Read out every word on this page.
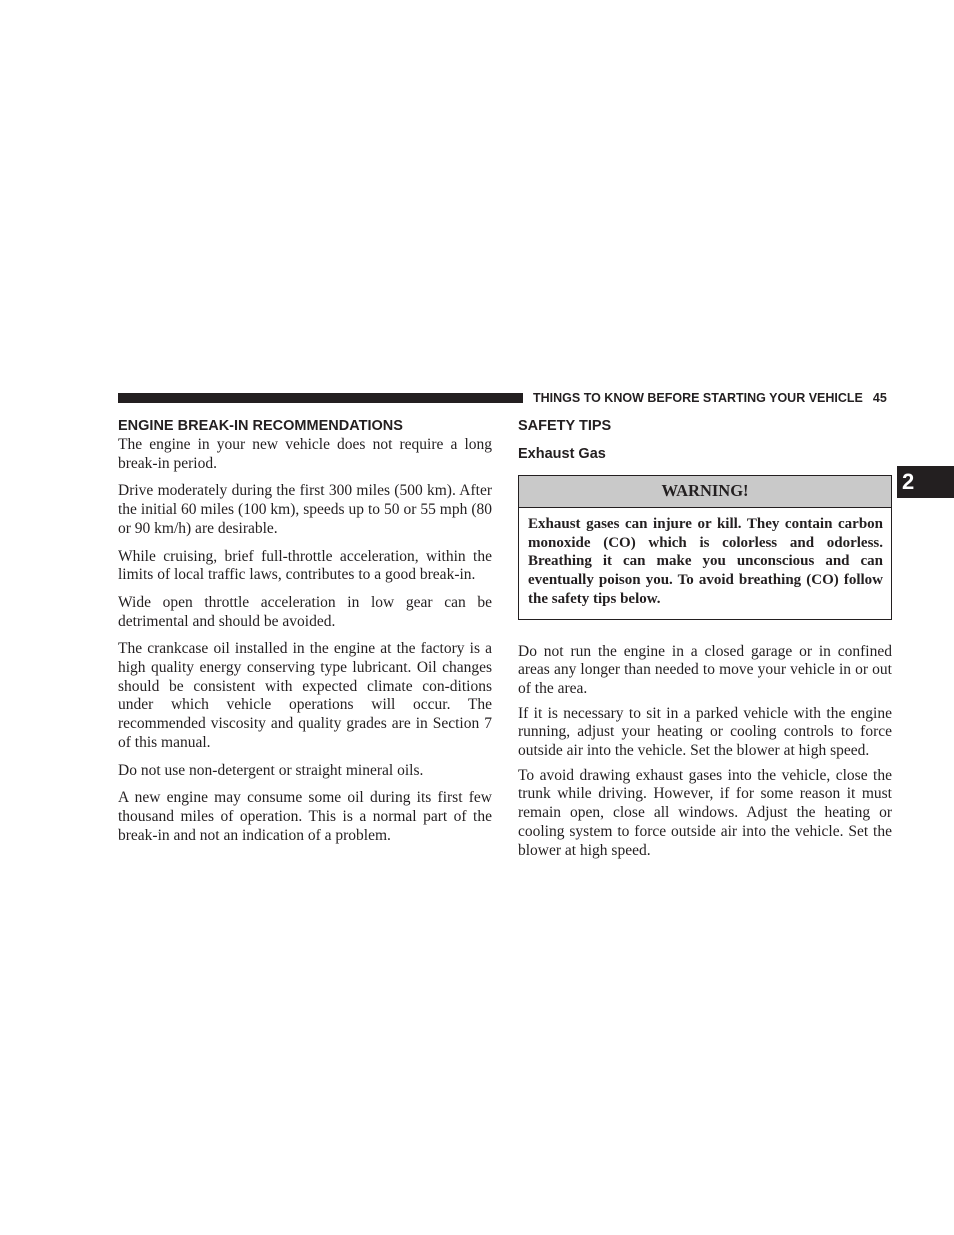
THINGS TO KNOW BEFORE STARTING YOUR VEHICLE 45
2
ENGINE BREAK-IN RECOMMENDATIONS

The engine in your new vehicle does not require a long break-in period.

Drive moderately during the first 300 miles (500 km). After the initial 60 miles (100 km), speeds up to 50 or 55 mph (80 or 90 km/h) are desirable.

While cruising, brief full-throttle acceleration, within the limits of local traffic laws, contributes to a good break-in.

Wide open throttle acceleration in low gear can be detrimental and should be avoided.

The crankcase oil installed in the engine at the factory is a high quality energy conserving type lubricant. Oil changes should be consistent with expected climate con-ditions under which vehicle operations will occur. The recommended viscosity and quality grades are in Section 7 of this manual.

Do not use non-detergent or straight mineral oils.

A new engine may consume some oil during its first few thousand miles of operation. This is a normal part of the break-in and not an indication of a problem.

SAFETY TIPS
Exhaust Gas
WARNING!
Exhaust gases can injure or kill. They contain carbon monoxide (CO) which is colorless and odorless. Breathing it can make you unconscious and can eventually poison you. To avoid breathing (CO) follow the safety tips below.

Do not run the engine in a closed garage or in confined areas any longer than needed to move your vehicle in or out of the area.

If it is necessary to sit in a parked vehicle with the engine running, adjust your heating or cooling controls to force outside air into the vehicle. Set the blower at high speed.

To avoid drawing exhaust gases into the vehicle, close the trunk while driving. However, if for some reason it must remain open, close all windows. Adjust the heating or cooling system to force outside air into the vehicle. Set the blower at high speed.
